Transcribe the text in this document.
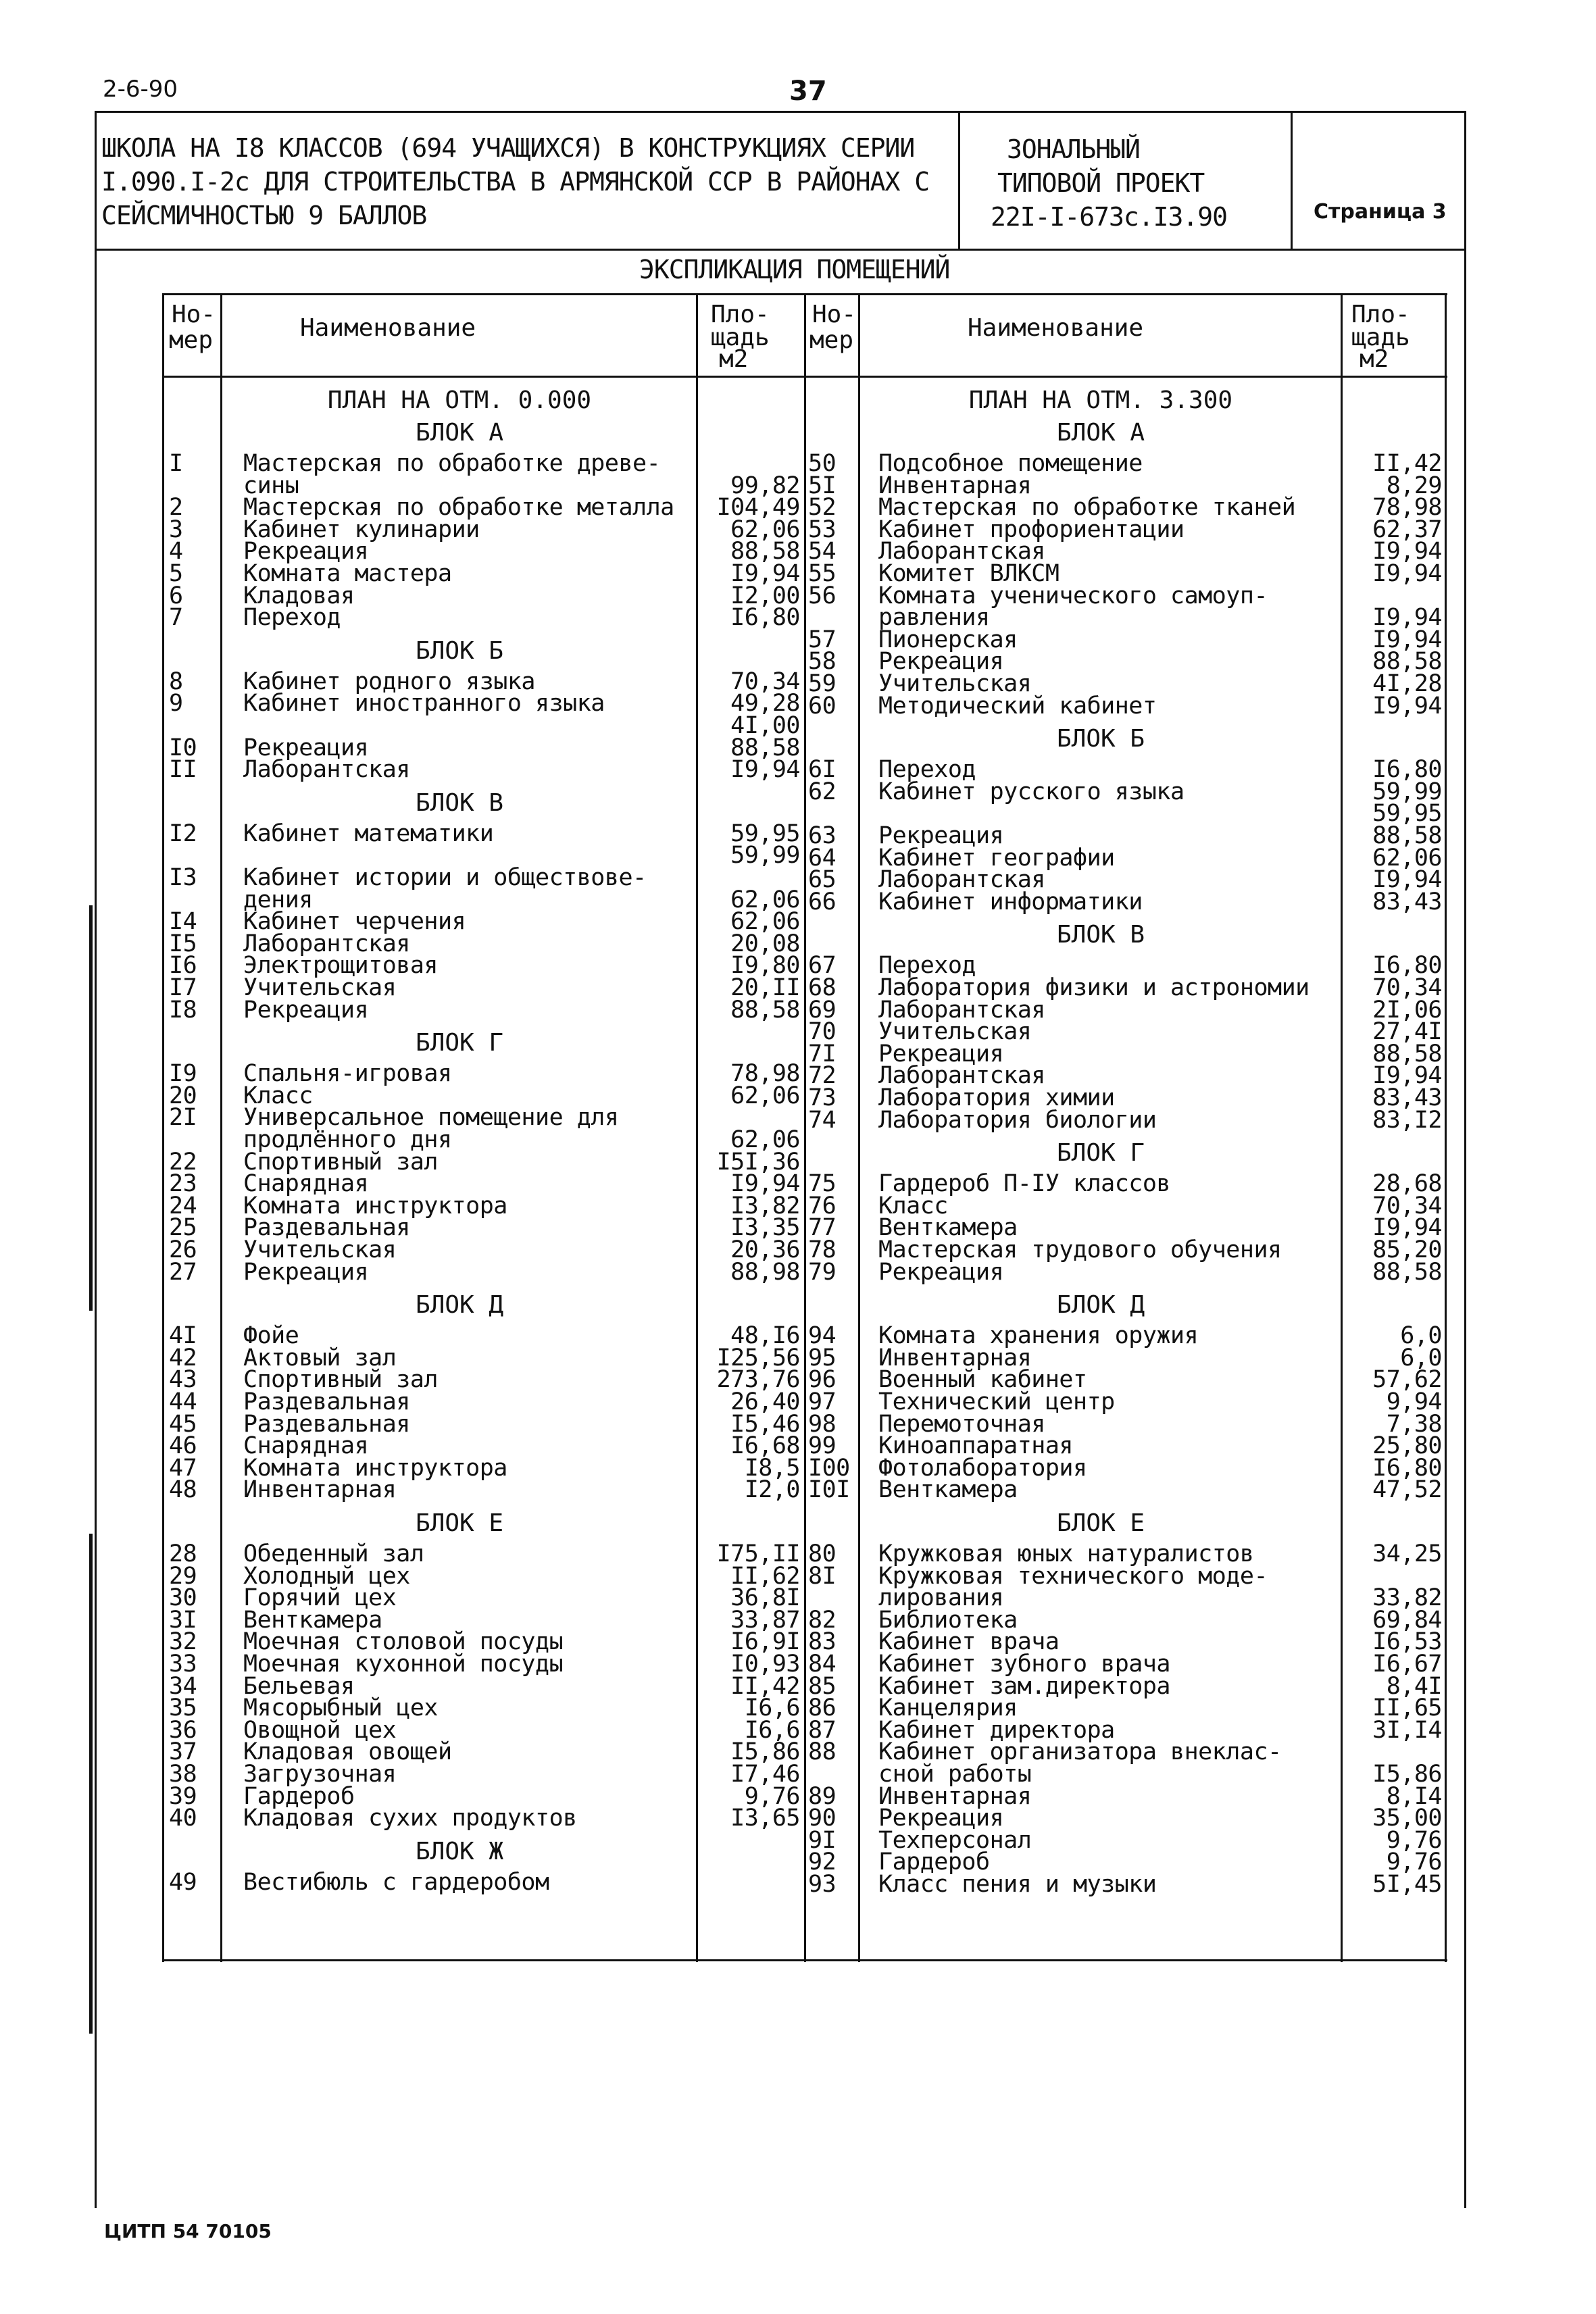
2-6-90	37
ШКОЛА НА I8 КЛАССОВ (694 УЧАЩИХСЯ) В КОНСТРУКЦИЯХ СЕРИИ
I.090.I-2с ДЛЯ СТРОИТЕЛЬСТВА В АРМЯНСКОЙ ССР В РАЙОНАХ С
СЕЙСМИЧНОСТЬЮ 9 БАЛЛОВ
ЗОНАЛЬНЫЙ
ТИПОВОЙ ПРОЕКТ
22I-I-673с.I3.90	Страница 3
ЭКСПЛИКАЦИЯ ПОМЕЩЕНИЙ
Но-
мер	Наименование	Пло-
щадь
м2
Но-
мер	Наименование	Пло-
щадь
м2
ПЛАН НА ОТМ. 0.000
БЛОК А
I	Мастерская по обработке древе-
сины	99,82
2	Мастерская по обработке металла	I04,49
3	Кабинет кулинарии	62,06
4	Рекреация	88,58
5	Комната мастера	I9,94
6	Кладовая	I2,00
7	Переход	I6,80
БЛОК Б
8	Кабинет родного языка	70,34
9	Кабинет иностранного языка	49,28
4I,00
I0 Рекреация	88,58
II Лаборантская	I9,94
БЛОК В
I2 Кабинет математики	59,95
59,99
I3 Кабинет истории и обществове-
дения	62,06
I4 Кабинет черчения	62,06
I5 Лаборантская	20,08
I6 Электрощитовая	I9,80
I7 Учительская	20,II
I8 Рекреация	88,58
БЛОК Г
I9 Спальня-игровая	78,98
20 Класс	62,06
2I Универсальное помещение для
продлённого дня	62,06
22 Спортивный зал	I5I,36
23 Снарядная	I9,94
24 Комната инструктора	I3,82
25 Раздевальная	I3,35
26 Учительская	20,36
27 Рекреация	88,98
БЛОК Д
4I Фойе	48,I6
42 Актовый зал	I25,56
43 Спортивный зал	273,76
44 Раздевальная	26,40
45 Раздевальная	I5,46
46 Снарядная	I6,68
47 Комната инструктора	I8,5
48 Инвентарная	I2,0
БЛОК Е
28 Обеденный зал	I75,II
29 Холодный цех	II,62
30 Горячий цех	36,8I
3I Венткамера	33,87
32 Моечная столовой посуды	I6,9I
33 Моечная кухонной посуды	I0,93
34 Бельевая	II,42
35 Мясорыбный цех	I6,6
36 Овощной цех	I6,6
37 Кладовая овощей	I5,86
38 Загрузочная	I7,46
39 Гардероб	9,76
40 Кладовая сухих продуктов	I3,65
БЛОК Ж
49 Вестибюль с гардеробом
ПЛАН НА ОТМ. 3.300
БЛОК А
50 Подсобное помещение	II,42
5I Инвентарная	8,29
52 Мастерская по обработке тканей	78,98
53 Кабинет профориентации	62,37
54 Лаборантская	I9,94
55 Комитет ВЛКСМ	I9,94
56 Комната ученического самоуп-
равления	I9,94
57 Пионерская	I9,94
58 Рекреация	88,58
59 Учительская	4I,28
60 Методический кабинет	I9,94
БЛОК Б
6I Переход	I6,80
62 Кабинет русского языка	59,99
59,95
63 Рекреация	88,58
64 Кабинет географии	62,06
65 Лаборантская	I9,94
66 Кабинет информатики	83,43
БЛОК В
67 Переход	I6,80
68 Лаборатория физики и астрономии	70,34
69 Лаборантская	2I,06
70 Учительская	27,4I
7I Рекреация	88,58
72 Лаборантская	I9,94
73 Лаборатория химии	83,43
74 Лаборатория биологии	83,I2
БЛОК Г
75 Гардероб П-IУ классов	28,68
76 Класс	70,34
77 Венткамера	I9,94
78 Мастерская трудового обучения	85,20
79 Рекреация	88,58
БЛОК Д
94 Комната хранения оружия	6,0
95 Инвентарная	6,0
96 Военный кабинет	57,62
97 Технический центр	9,94
98 Перемоточная	7,38
99 Киноаппаратная	25,80
I00 Фотолаборатория	I6,80
I0I Венткамера	47,52
БЛОК Е
80 Кружковая юных натуралистов	34,25
8I Кружковая технического моде-
лирования	33,82
82 Библиотека	69,84
83 Кабинет врача	I6,53
84 Кабинет зубного врача	I6,67
85 Кабинет зам.директора	8,4I
86 Канцелярия	II,65
87 Кабинет директора	3I,I4
88 Кабинет организатора внеклас-
сной работы	I5,86
89 Инвентарная	8,I4
90 Рекреация	35,00
9I Техперсонал	9,76
92 Гардероб	9,76
93 Класс пения и музыки	5I,45
ЦИТП 54 70105
